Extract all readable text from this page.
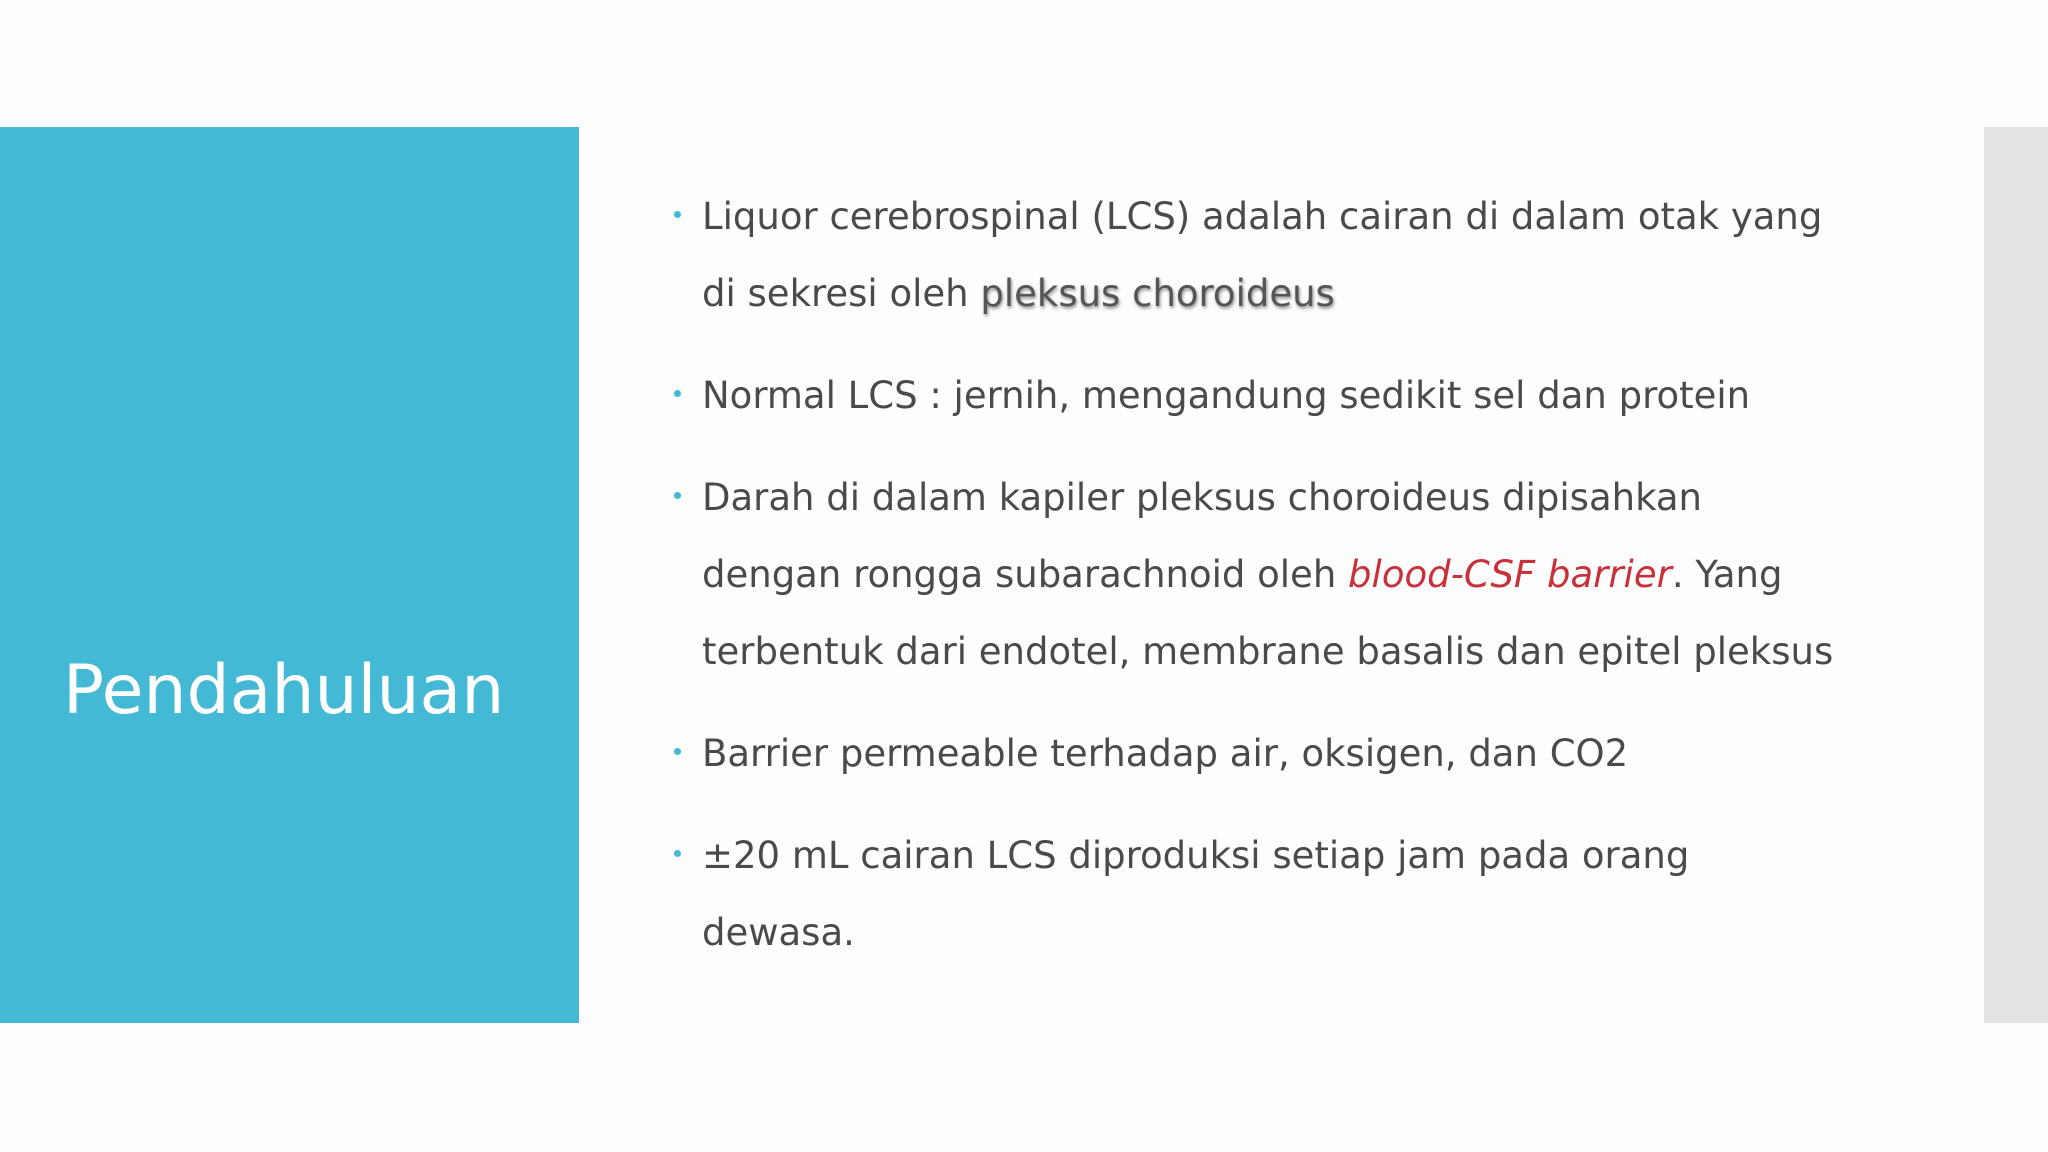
Pendahuluan
Liquor cerebrospinal (LCS) adalah cairan di dalam otak yang di sekresi oleh pleksus choroideus
Normal LCS : jernih, mengandung sedikit sel dan protein
Darah di dalam kapiler pleksus choroideus dipisahkan dengan rongga subarachnoid oleh blood-CSF barrier. Yang terbentuk dari endotel, membrane basalis dan epitel pleksus
Barrier permeable terhadap air, oksigen, dan CO2
±20 mL cairan LCS diproduksi setiap jam pada orang dewasa.
